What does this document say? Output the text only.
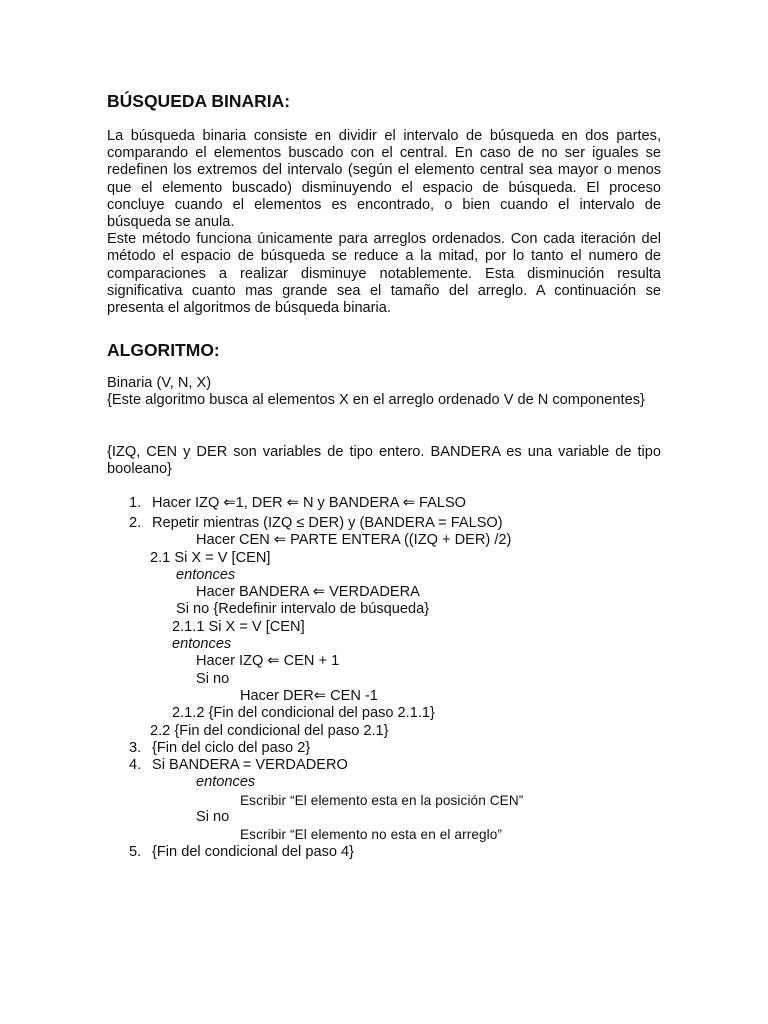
BÚSQUEDA BINARIA:

La búsqueda binaria consiste en dividir el intervalo de búsqueda en dos partes, comparando el elementos buscado con el central. En caso de no ser iguales se redefinen los extremos del intervalo (según el elemento central sea mayor o menos que el elemento buscado) disminuyendo el espacio de búsqueda. El proceso concluye cuando el elementos es encontrado, o bien cuando el intervalo de búsqueda se anula.

Este método funciona únicamente para arreglos ordenados. Con cada iteración del método el espacio de búsqueda se reduce a la mitad, por lo tanto el numero de comparaciones a realizar disminuye notablemente. Esta disminución resulta significativa cuanto mas grande sea el tamaño del arreglo. A continuación se presenta el algoritmos de búsqueda binaria.

ALGORITMO:

Binaria (V, N, X)

{Este algoritmo busca al elementos X en el arreglo ordenado V de N componentes}

{IZQ, CEN y DER son variables de tipo entero. BANDERA es una variable de tipo booleano}

1. Hacer IZQ ⇐1, DER ⇐ N y BANDERA ⇐ FALSO
2. Repetir mientras (IZQ ≤ DER) y (BANDERA = FALSO)
Hacer CEN ⇐ PARTE ENTERA ((IZQ + DER) /2)
2.1 Si X = V [CEN]
entonces
Hacer BANDERA ⇐ VERDADERA
Si no {Redefinir intervalo de búsqueda}
2.1.1 Si X = V [CEN]
entonces
Hacer IZQ ⇐ CEN + 1
Si no
Hacer DER⇐ CEN -1
2.1.2 {Fin del condicional del paso 2.1.1}
2.2 {Fin del condicional del paso 2.1}
3. {Fin del ciclo del paso 2}
4. Si BANDERA = VERDADERO
entonces
Escribir “El elemento esta en la posición CEN”
Si no
Escribir “El elemento no esta en el arreglo”
5. {Fin del condicional del paso 4}
